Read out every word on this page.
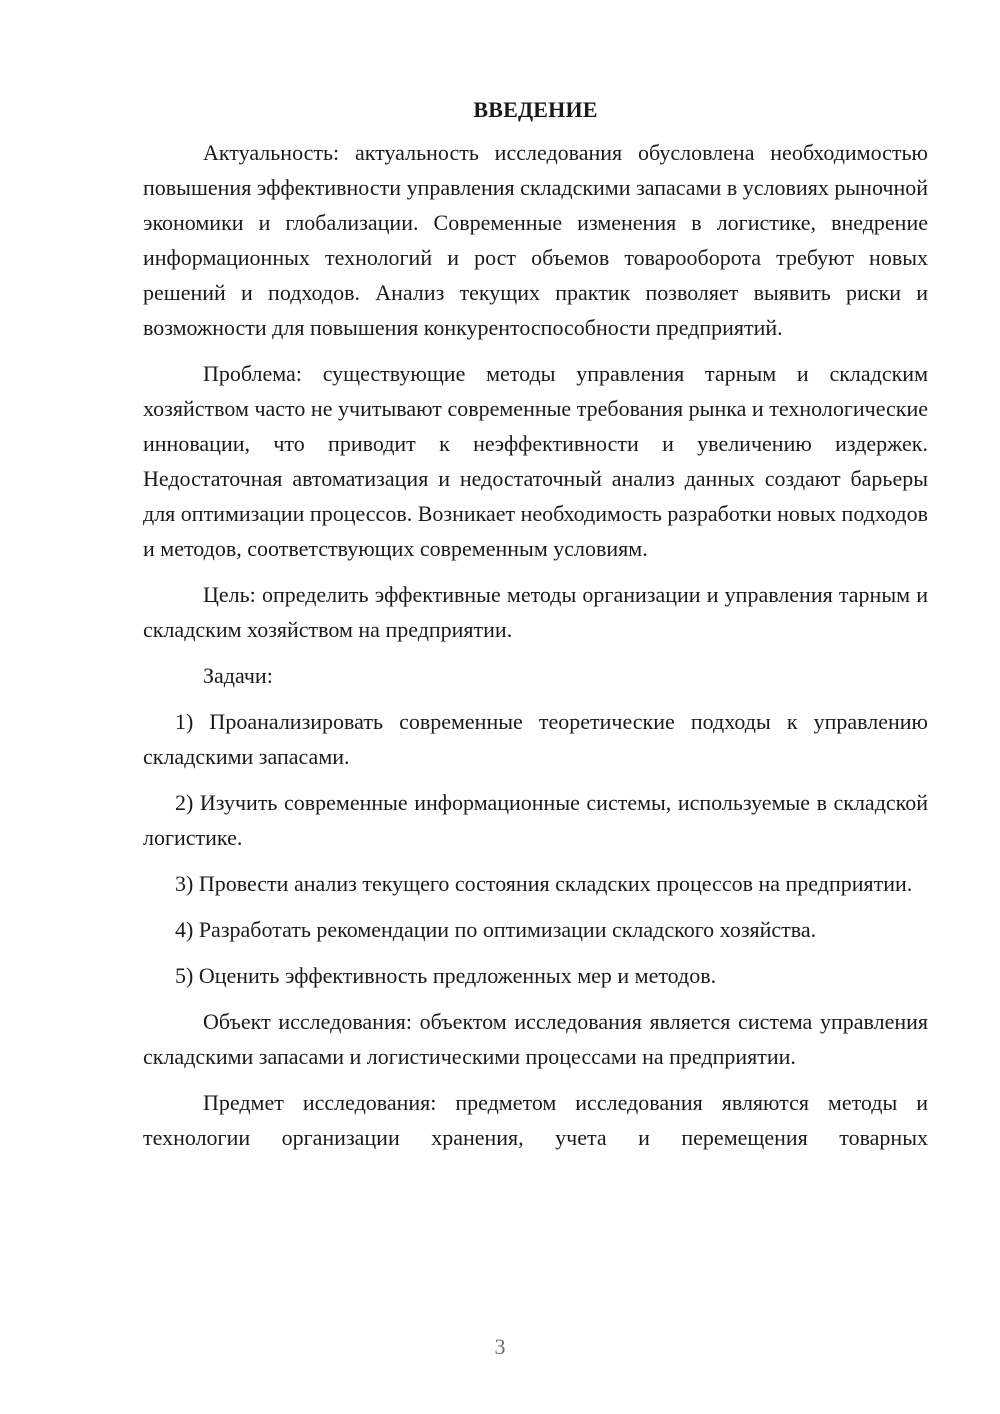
ВВЕДЕНИЕ

Актуальность: актуальность исследования обусловлена необходимостью повышения эффективности управления складскими запасами в условиях рыночной экономики и глобализации. Современные изменения в логистике, внедрение информационных технологий и рост объемов товарооборота требуют новых решений и подходов. Анализ текущих практик позволяет выявить риски и возможности для повышения конкурентоспособности предприятий.

Проблема: существующие методы управления тарным и складским хозяйством часто не учитывают современные требования рынка и технологические инновации, что приводит к неэффективности и увеличению издержек. Недостаточная автоматизация и недостаточный анализ данных создают барьеры для оптимизации процессов. Возникает необходимость разработки новых подходов и методов, соответствующих современным условиям.

Цель: определить эффективные методы организации и управления тарным и складским хозяйством на предприятии.

Задачи:

1) Проанализировать современные теоретические подходы к управлению складскими запасами.

2) Изучить современные информационные системы, используемые в складской логистике.

3) Провести анализ текущего состояния складских процессов на предприятии.

4) Разработать рекомендации по оптимизации складского хозяйства.

5) Оценить эффективность предложенных мер и методов.

Объект исследования: объектом исследования является система управления складскими запасами и логистическими процессами на предприятии.

Предмет исследования: предметом исследования являются методы и технологии организации хранения, учета и перемещения товарных

3
